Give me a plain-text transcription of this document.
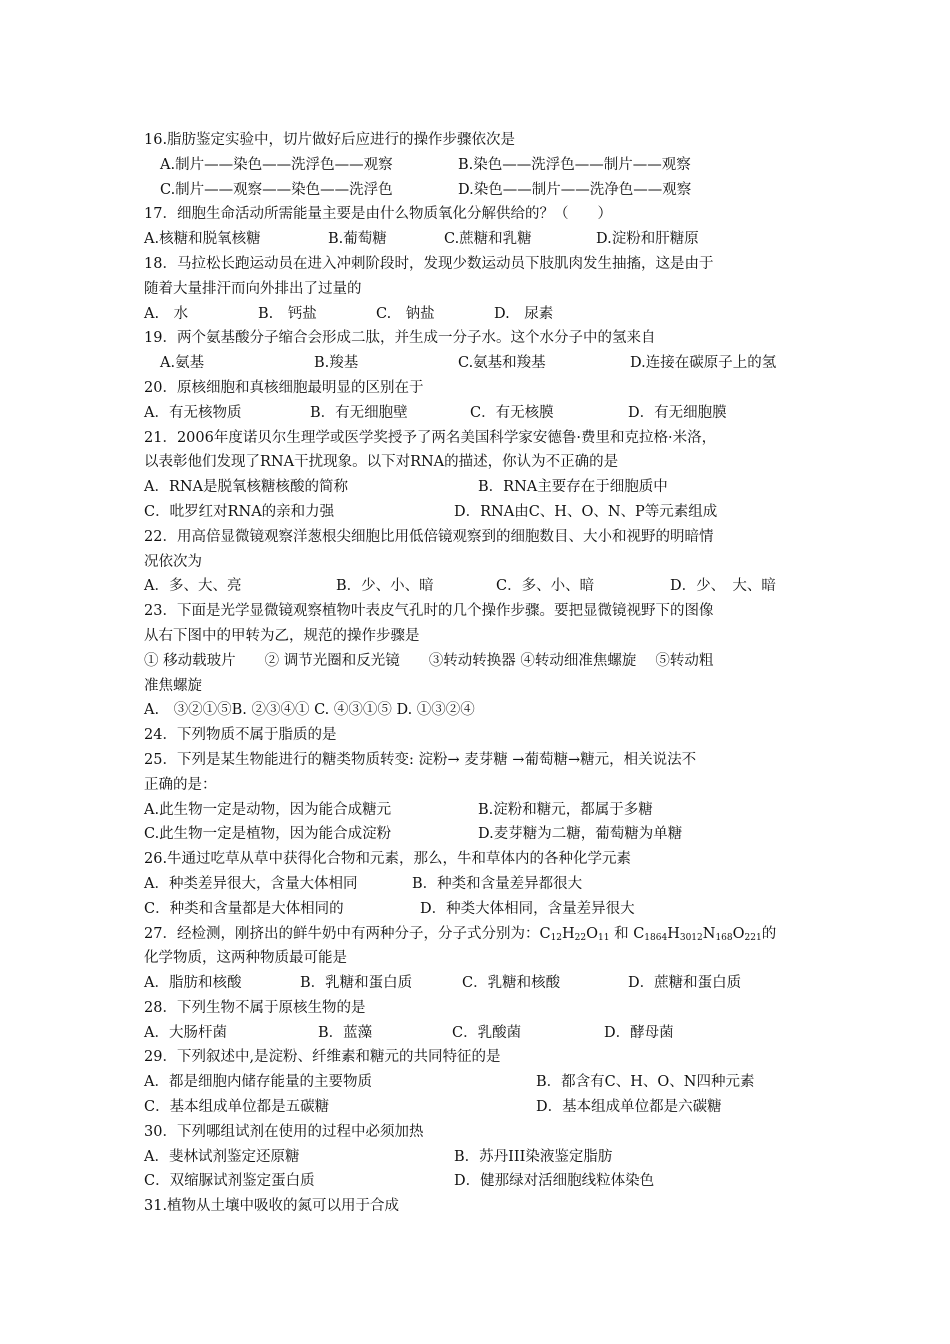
16.脂肪鉴定实验中，切片做好后应进行的操作步骤依次是

A.制片——染色——洗浮色——观察

	B.染色——洗浮色——制片——观察

C.制片——观察——染色——洗浮色

	D.染色——制片——洗净色——观察

17．细胞生命活动所需能量主要是由什么物质氧化分解供给的？（　　）

A.核糖和脱氧核糖

	B.葡萄糖

	C.蔗糖和乳糖

	D.淀粉和肝糖原

18．马拉松长跑运动员在进入冲刺阶段时，发现少数运动员下肢肌肉发生抽搐，这是由于
随着大量排汗而向外排出了过量的

A.　水

	B.　钙盐

	C.　钠盐

	D.　尿素

19．两个氨基酸分子缩合会形成二肽，并生成一分子水。这个水分子中的氢来自

A.氨基

	B.羧基

	C.氨基和羧基

	D.连接在碳原子上的氢

20．原核细胞和真核细胞最明显的区别在于

A．有无核物质

	B．有无细胞壁

	C．有无核膜

	D．有无细胞膜

21．2006年度诺贝尔生理学或医学奖授予了两名美国科学家安德鲁·费里和克拉格·米洛，
以表彰他们发现了RNA干扰现象。以下对RNA的描述，你认为不正确的是

A．RNA是脱氧核糖核酸的简称

	B．RNA主要存在于细胞质中

C．吡罗红对RNA的亲和力强

	D．RNA由C、H、O、N、P等元素组成

22．用高倍显微镜观察洋葱根尖细胞比用低倍镜观察到的细胞数目、大小和视野的明暗情
况依次为

A．多、大、亮

	B．少、小、暗

	C．多、小、暗

	D．少、　大、暗

23．下面是光学显微镜观察植物叶表皮气孔时的几个操作步骤。要把显微镜视野下的图像
从右下图中的甲转为乙，规范的操作步骤是
① 移动载玻片　　② 调节光圈和反光镜　　③转动转换器 ④转动细准焦螺旋　 ⑤转动粗
准焦螺旋
A.　③②①⑤B. ②③④① C. ④③①⑤ D. ①③②④
24．下列物质不属于脂质的是
25．下列是某生物能进行的糖类物质转变: 淀粉→ 麦芽糖 →葡萄糖→糖元，相关说法不
正确的是：

A.此生物一定是动物，因为能合成糖元

	B.淀粉和糖元，都属于多糖

C.此生物一定是植物，因为能合成淀粉

	D.麦芽糖为二糖，葡萄糖为单糖

26.牛通过吃草从草中获得化合物和元素，那么，牛和草体内的各种化学元素

A．种类差异很大，含量大体相同

	B．种类和含量差异都很大

C．种类和含量都是大体相同的

	D．种类大体相同，含量差异很大

27．经检测，刚挤出的鲜牛奶中有两种分子，分子式分别为：$C_{12}H_{22}O_{11}$ 和 $C_{1864}H_{3012}N_{168}O_{221}$的
化学物质，这两种物质最可能是

A．脂肪和核酸

	B．乳糖和蛋白质

	C．乳糖和核酸

	D．蔗糖和蛋白质

28．下列生物不属于原核生物的是

A．大肠杆菌

	B．蓝藻

	C．乳酸菌

	D．酵母菌

29．下列叙述中,是淀粉、纤维素和糖元的共同特征的是

A．都是细胞内储存能量的主要物质

	B．都含有C、H、O、N四种元素

C．基本组成单位都是五碳糖

	D．基本组成单位都是六碳糖

30．下列哪组试剂在使用的过程中必须加热

A．斐林试剂鉴定还原糖

	B．苏丹III染液鉴定脂肪

C．双缩脲试剂鉴定蛋白质

	D．健那绿对活细胞线粒体染色

31.植物从土壤中吸收的氮可以用于合成
